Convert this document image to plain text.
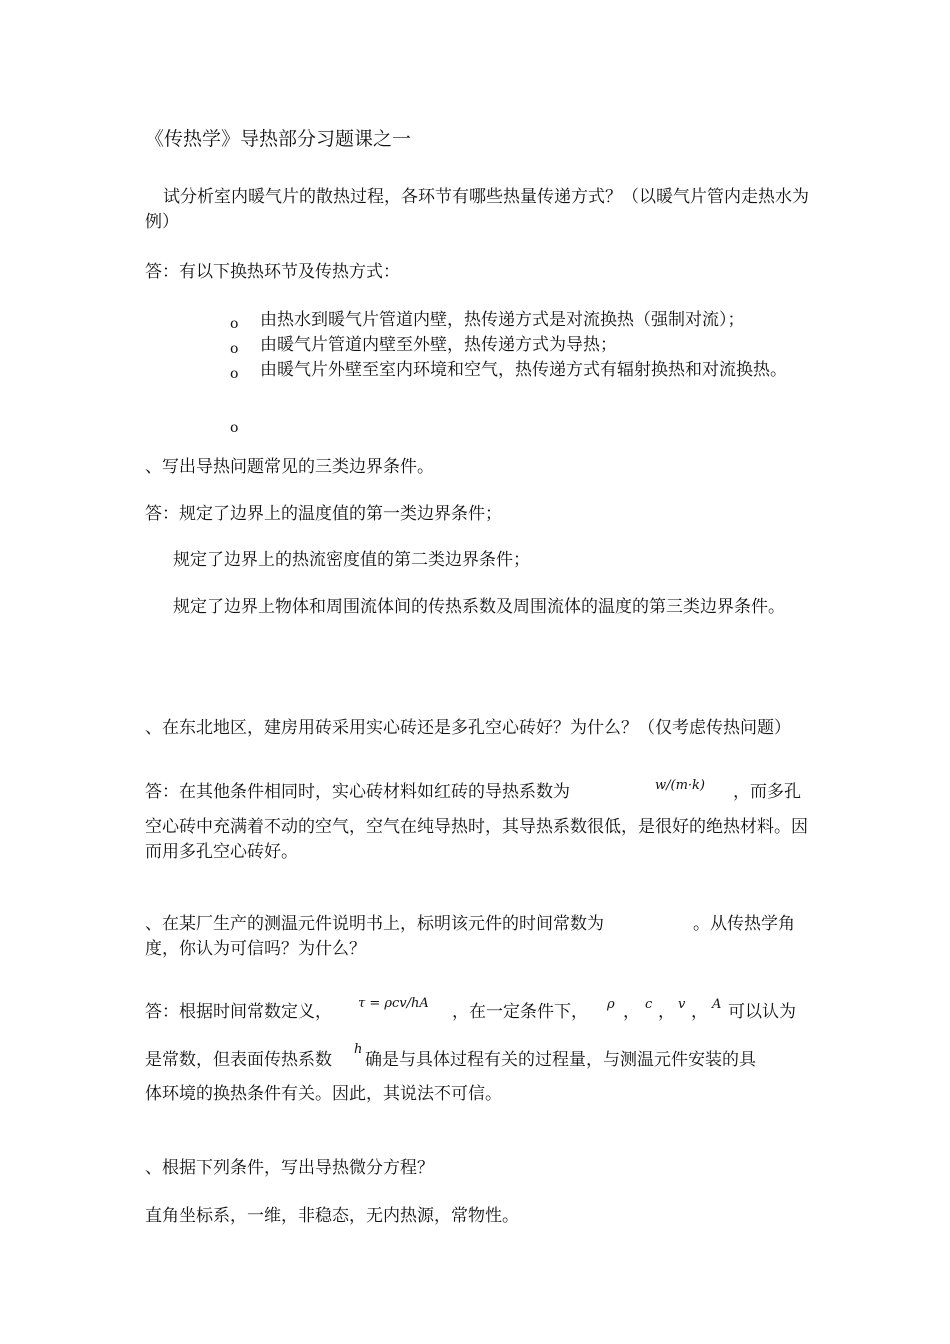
《传热学》导热部分习题课之一

试分析室内暖气片的散热过程，各环节有哪些热量传递方式？（以暖气片管内走热水为例）

答：有以下换热环节及传热方式：

o 由热水到暖气片管道内壁，热传递方式是对流换热（强制对流）；
o 由暖气片管道内壁至外壁，热传递方式为导热；
o 由暖气片外壁至室内环境和空气，热传递方式有辐射换热和对流换热。
o

、写出导热问题常见的三类边界条件。

答：规定了边界上的温度值的第一类边界条件；

规定了边界上的热流密度值的第二类边界条件；

规定了边界上物体和周围流体间的传热系数及周围流体的温度的第三类边界条件。

、在东北地区，建房用砖采用实心砖还是多孔空心砖好？为什么？（仅考虑传热问题）

答：在其他条件相同时，实心砖材料如红砖的导热系数为	w/(m·k) ，而多孔

空心砖中充满着不动的空气，空气在纯导热时，其导热系数很低，是很好的绝热材料。因而用多孔空心砖好。

、在某厂生产的测温元件说明书上，标明该元件的时间常数为	。从传热学角度，你认为可信吗？为什么？
答：根据时间常数定义，	τ = ρcv/hA ，在一定条件下，	ρ ， c ， v ， A 可以认为
是常数，但表面传热系数
h
确是与具体过程有关的过程量，与测温元件安装的具

体环境的换热条件有关。因此，其说法不可信。

、根据下列条件，写出导热微分方程？

直角坐标系，一维，非稳态，无内热源，常物性。
